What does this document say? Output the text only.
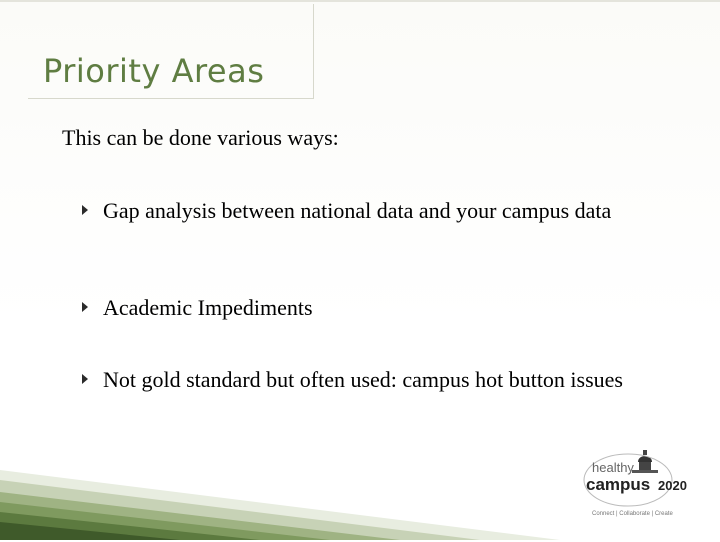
Priority Areas
This can be done various ways:
Gap analysis between national data and your campus data
Academic Impediments
Not gold standard but often used: campus hot button issues
healthy
campus 2020
Connect | Collaborate | Create
